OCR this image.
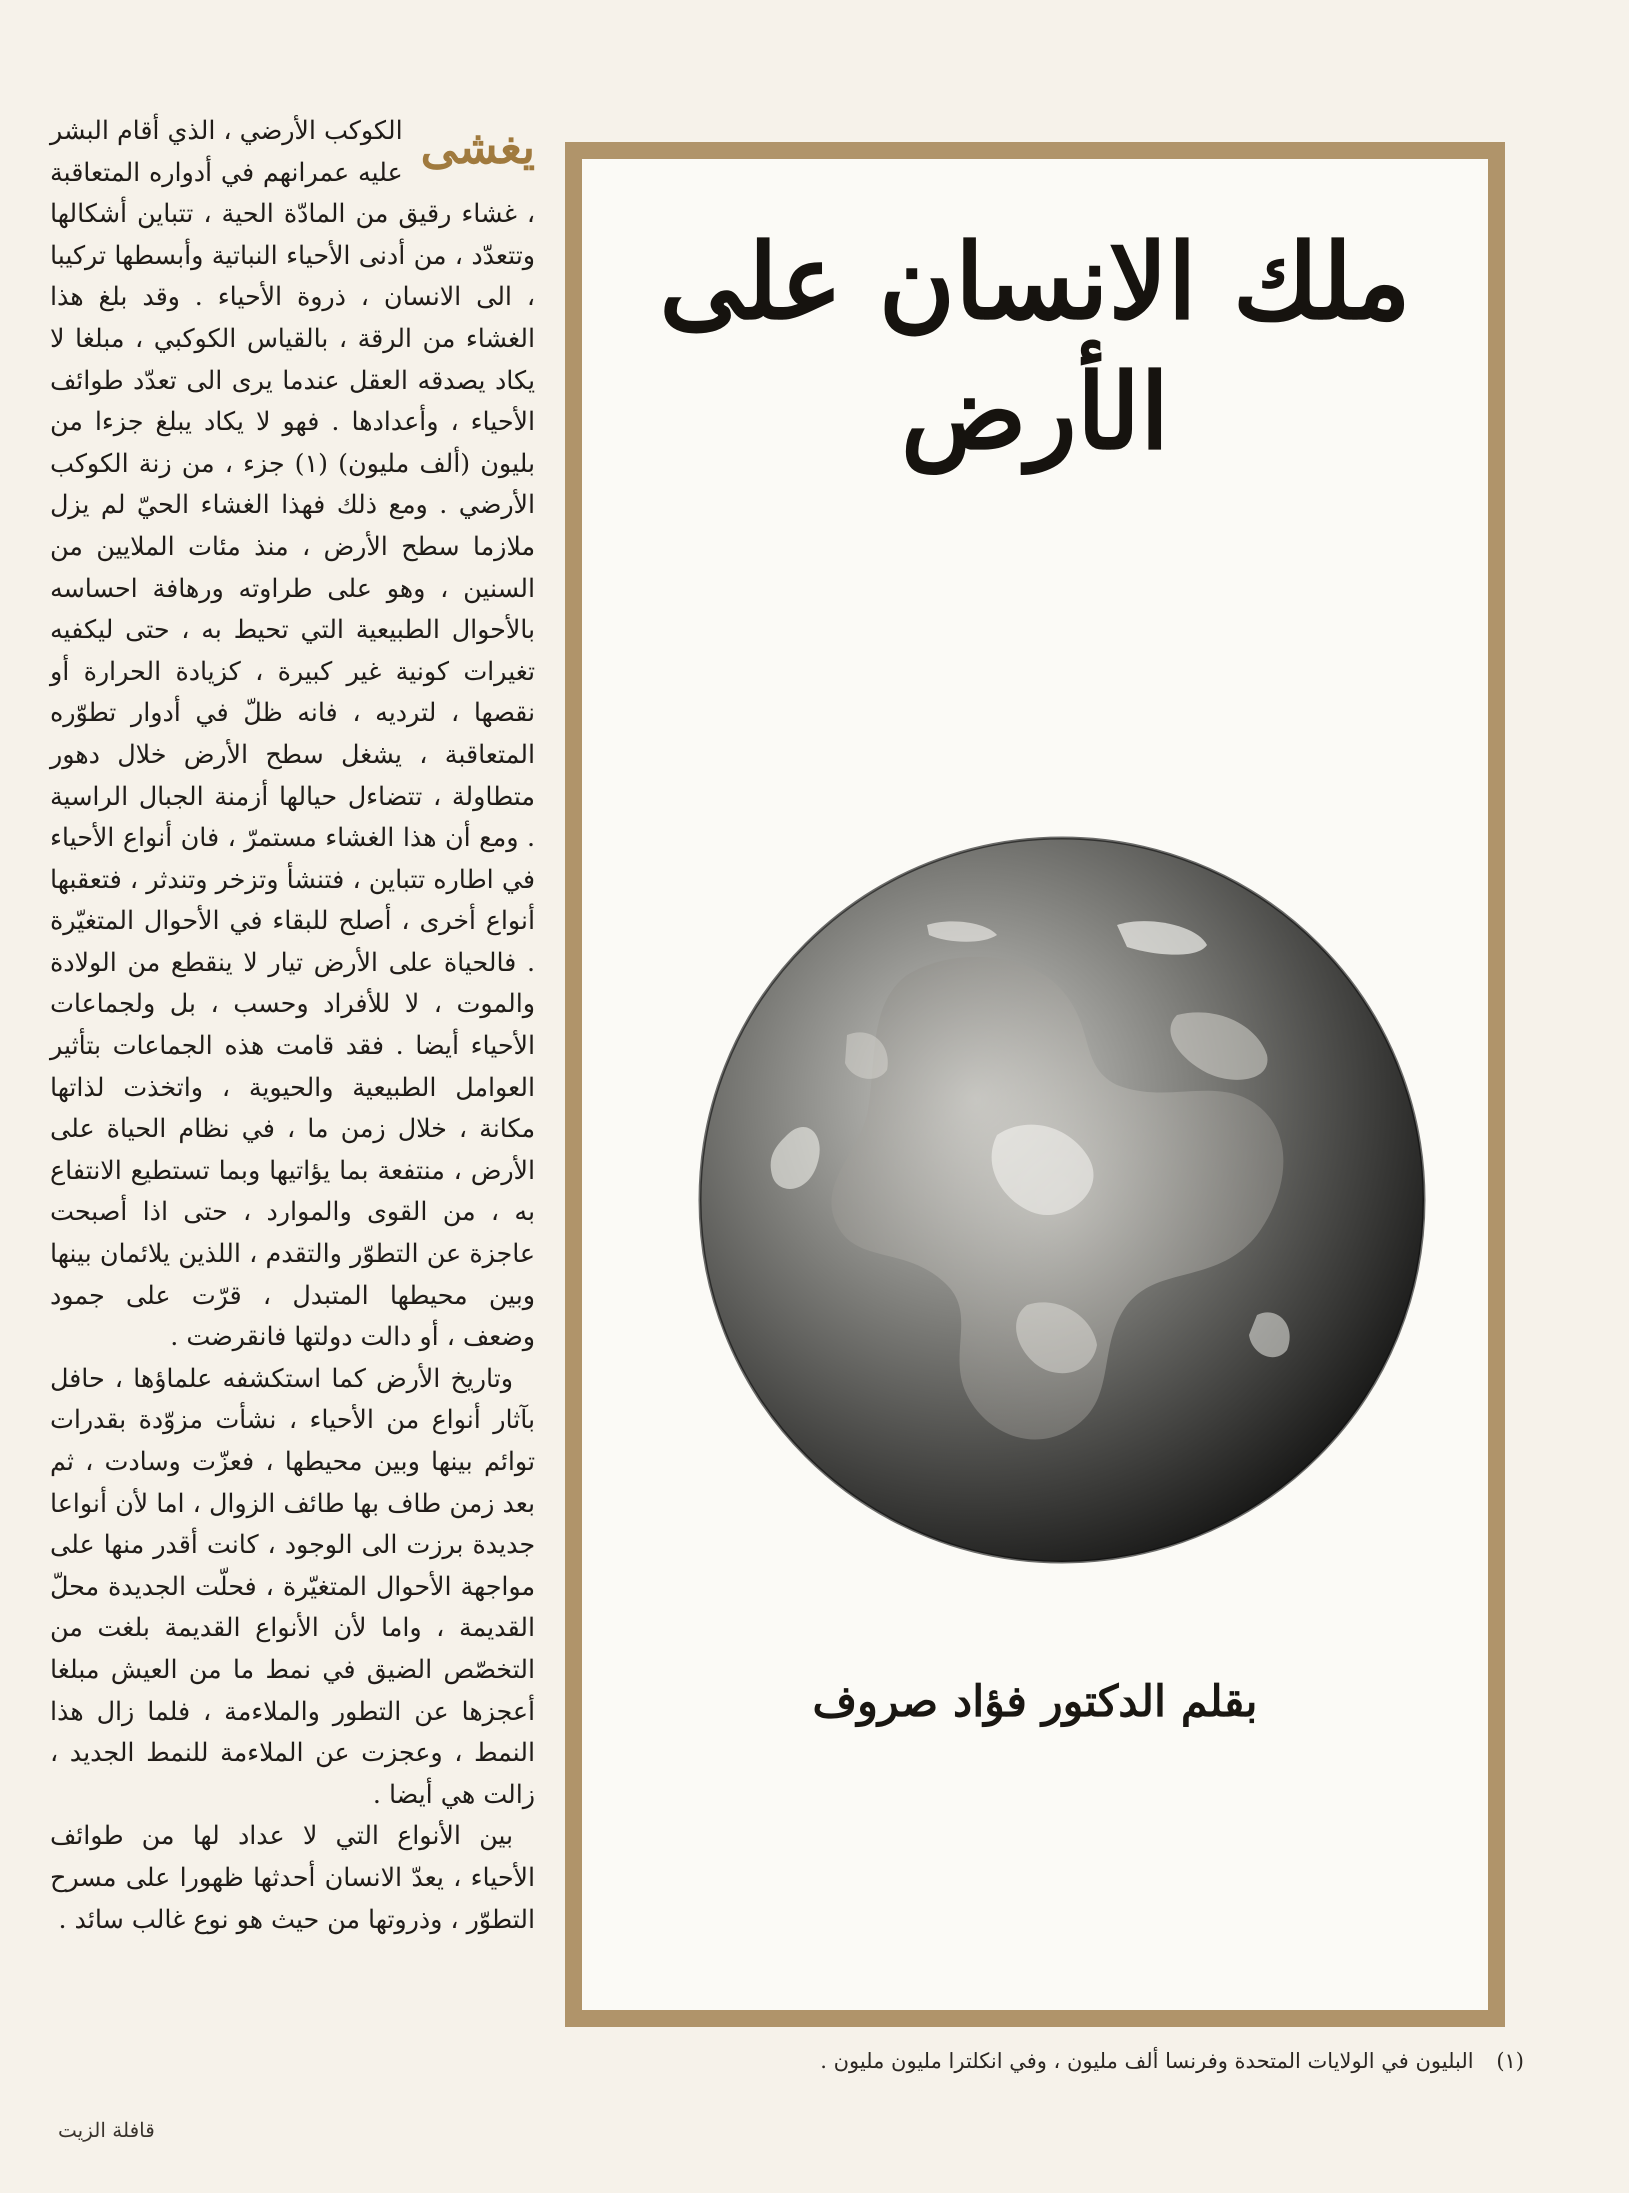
ملك الانسان على الأرض
بقلم الدكتور فؤاد صروف
يغشى

الكوكب الأرضي ، الذي أقام البشر عليه عمرانهم في أدواره المتعاقبة ، غشاء رقيق من المادّة الحية ، تتباين أشكالها وتتعدّد ، من أدنى الأحياء النباتية وأبسطها تركيبا ، الى الانسان ، ذروة الأحياء . وقد بلغ هذا الغشاء من الرقة ، بالقياس الكوكبي ، مبلغا لا يكاد يصدقه العقل عندما يرى الى تعدّد طوائف الأحياء ، وأعدادها . فهو لا يكاد يبلغ جزءا من بليون (ألف مليون) (١) جزء ، من زنة الكوكب الأرضي . ومع ذلك فهذا الغشاء الحيّ لم يزل ملازما سطح الأرض ، منذ مئات الملايين من السنين ، وهو على طراوته ورهافة احساسه بالأحوال الطبيعية التي تحيط به ، حتى ليكفيه تغيرات كونية غير كبيرة ، كزيادة الحرارة أو نقصها ، لترديه ، فانه ظلّ في أدوار تطوّره المتعاقبة ، يشغل سطح الأرض خلال دهور متطاولة ، تتضاءل حيالها أزمنة الجبال الراسية . ومع أن هذا الغشاء مستمرّ ، فان أنواع الأحياء في اطاره تتباين ، فتنشأ وتزخر وتندثر ، فتعقبها أنواع أخرى ، أصلح للبقاء في الأحوال المتغيّرة . فالحياة على الأرض تيار لا ينقطع من الولادة والموت ، لا للأفراد وحسب ، بل ولجماعات الأحياء أيضا . فقد قامت هذه الجماعات بتأثير العوامل الطبيعية والحيوية ، واتخذت لذاتها مكانة ، خلال زمن ما ، في نظام الحياة على الأرض ، منتفعة بما يؤاتيها وبما تستطيع الانتفاع به ، من القوى والموارد ، حتى اذا أصبحت عاجزة عن التطوّر والتقدم ، اللذين يلائمان بينها وبين محيطها المتبدل ، قرّت على جمود وضعف ، أو دالت دولتها فانقرضت .

وتاريخ الأرض كما استكشفه علماؤها ، حافل بآثار أنواع من الأحياء ، نشأت مزوّدة بقدرات توائم بينها وبين محيطها ، فعزّت وسادت ، ثم بعد زمن طاف بها طائف الزوال ، اما لأن أنواعا جديدة برزت الى الوجود ، كانت أقدر منها على مواجهة الأحوال المتغيّرة ، فحلّت الجديدة محلّ القديمة ، واما لأن الأنواع القديمة بلغت من التخصّص الضيق في نمط ما من العيش مبلغا أعجزها عن التطور والملاءمة ، فلما زال هذا النمط ، وعجزت عن الملاءمة للنمط الجديد ، زالت هي أيضا .

بين الأنواع التي لا عداد لها من طوائف الأحياء ، يعدّ الانسان أحدثها ظهورا على مسرح التطوّر ، وذروتها من حيث هو نوع غالب سائد .

(١) البليون في الولايات المتحدة وفرنسا ألف مليون ، وفي انكلترا مليون مليون .
قافلة الزيت
